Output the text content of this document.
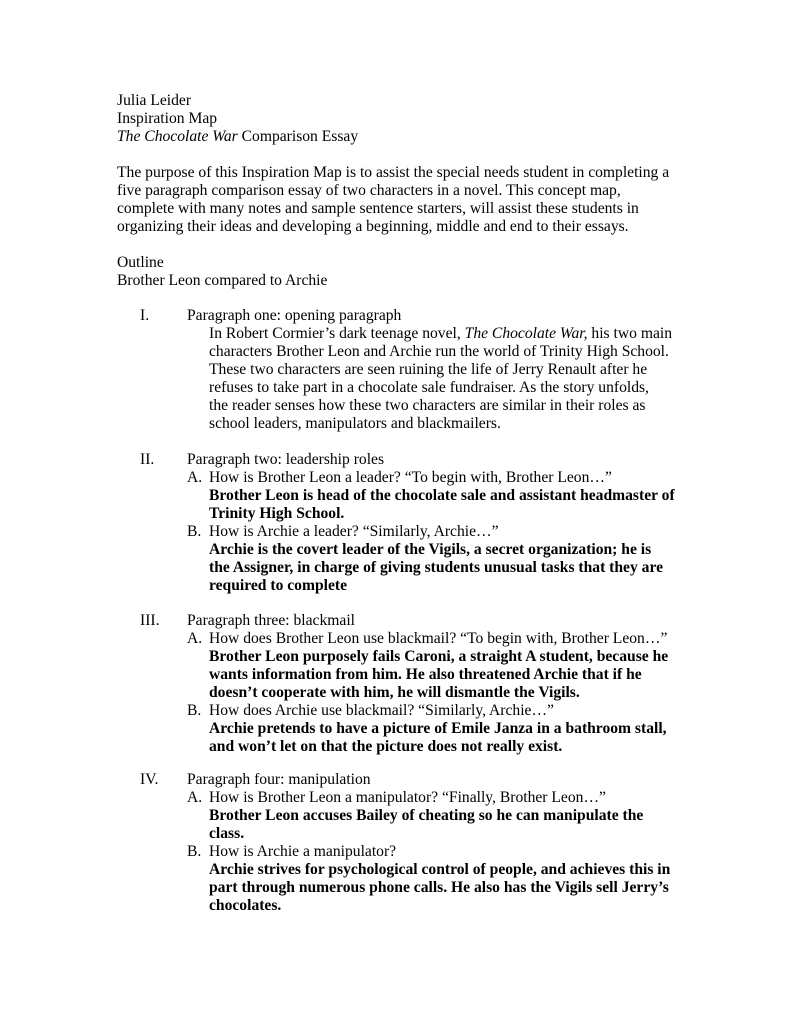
Julia Leider
Inspiration Map
The Chocolate War Comparison Essay
The purpose of this Inspiration Map is to assist the special needs student in completing a
five paragraph comparison essay of two characters in a novel. This concept map,
complete with many notes and sample sentence starters, will assist these students in
organizing their ideas and developing a beginning, middle and end to their essays.
Outline
Brother Leon compared to Archie
I.	Paragraph one: opening paragraph
In Robert Cormier’s dark teenage novel, The Chocolate War, his two main
characters Brother Leon and Archie run the world of Trinity High School.
These two characters are seen ruining the life of Jerry Renault after he
refuses to take part in a chocolate sale fundraiser. As the story unfolds,
the reader senses how these two characters are similar in their roles as
school leaders, manipulators and blackmailers.
II.	Paragraph two: leadership roles
A. How is Brother Leon a leader? “To begin with, Brother Leon…”
Brother Leon is head of the chocolate sale and assistant headmaster of
Trinity High School.
B. How is Archie a leader? “Similarly, Archie…”
Archie is the covert leader of the Vigils, a secret organization; he is
the Assigner, in charge of giving students unusual tasks that they are
required to complete
III.	Paragraph three: blackmail
A. How does Brother Leon use blackmail? “To begin with, Brother Leon…”
Brother Leon purposely fails Caroni, a straight A student, because he
wants information from him. He also threatened Archie that if he
doesn’t cooperate with him, he will dismantle the Vigils.
B. How does Archie use blackmail? “Similarly, Archie…”
Archie pretends to have a picture of Emile Janza in a bathroom stall,
and won’t let on that the picture does not really exist.
IV.	Paragraph four: manipulation
A. How is Brother Leon a manipulator? “Finally, Brother Leon…”
Brother Leon accuses Bailey of cheating so he can manipulate the
class.
B. How is Archie a manipulator?
Archie strives for psychological control of people, and achieves this in
part through numerous phone calls. He also has the Vigils sell Jerry’s
chocolates.
